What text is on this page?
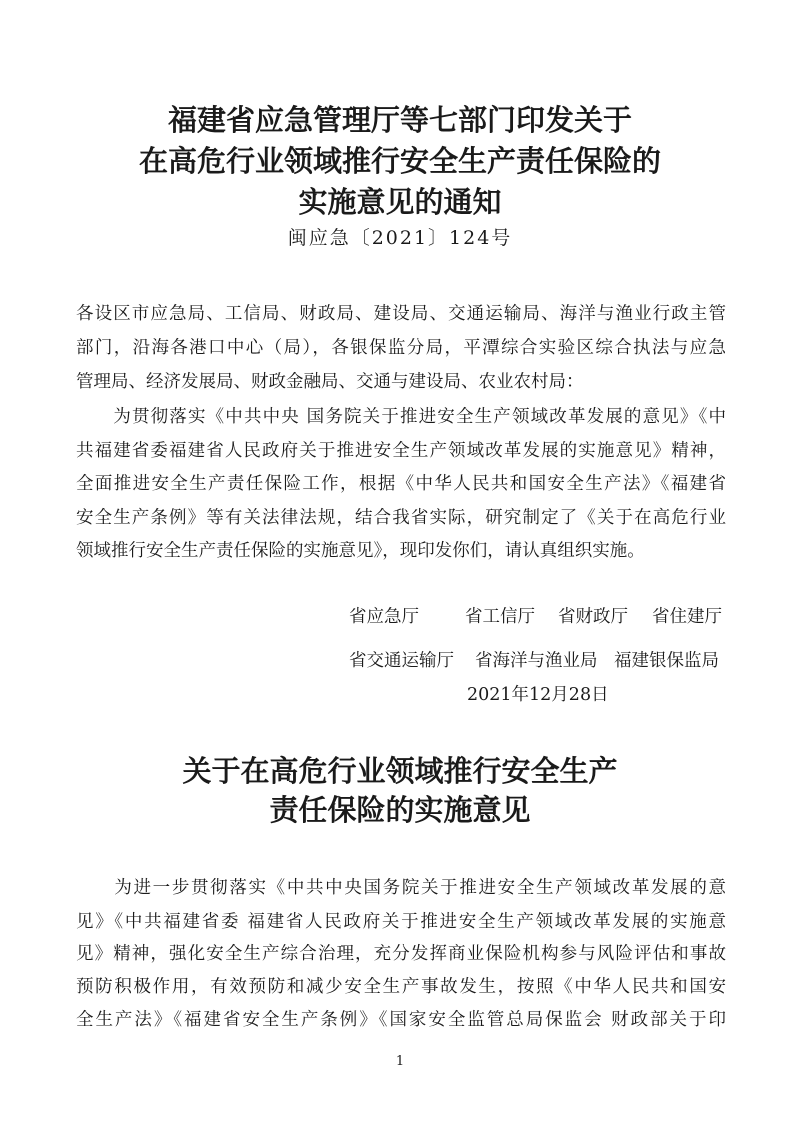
福建省应急管理厅等七部门印发关于
在高危行业领域推行安全生产责任保险的
实施意见的通知
闽应急〔2021〕124号
各设区市应急局、工信局、财政局、建设局、交通运输局、海洋与渔业行政主管
部门，沿海各港口中心（局），各银保监分局，平潭综合实验区综合执法与应急
管理局、经济发展局、财政金融局、交通与建设局、农业农村局：
　　为贯彻落实《中共中央 国务院关于推进安全生产领域改革发展的意见》《中
共福建省委福建省人民政府关于推进安全生产领域改革发展的实施意见》精神，
全面推进安全生产责任保险工作，根据《中华人民共和国安全生产法》《福建省
安全生产条例》等有关法律法规，结合我省实际，研究制定了《关于在高危行业
领域推行安全生产责任保险的实施意见》，现印发你们，请认真组织实施。
省应急厅	省工信厅 省财政厅 省住建厅
省交通运输厅 省海洋与渔业局 福建银保监局
2021年12月28日
关于在高危行业领域推行安全生产
责任保险的实施意见
　　为进一步贯彻落实《中共中央国务院关于推进安全生产领域改革发展的意
见》《中共福建省委 福建省人民政府关于推进安全生产领域改革发展的实施意
见》精神，强化安全生产综合治理，充分发挥商业保险机构参与风险评估和事故
预防积极作用，有效预防和减少安全生产事故发生，按照《中华人民共和国安
全生产法》《福建省安全生产条例》《国家安全监管总局保监会 财政部关于印
1
